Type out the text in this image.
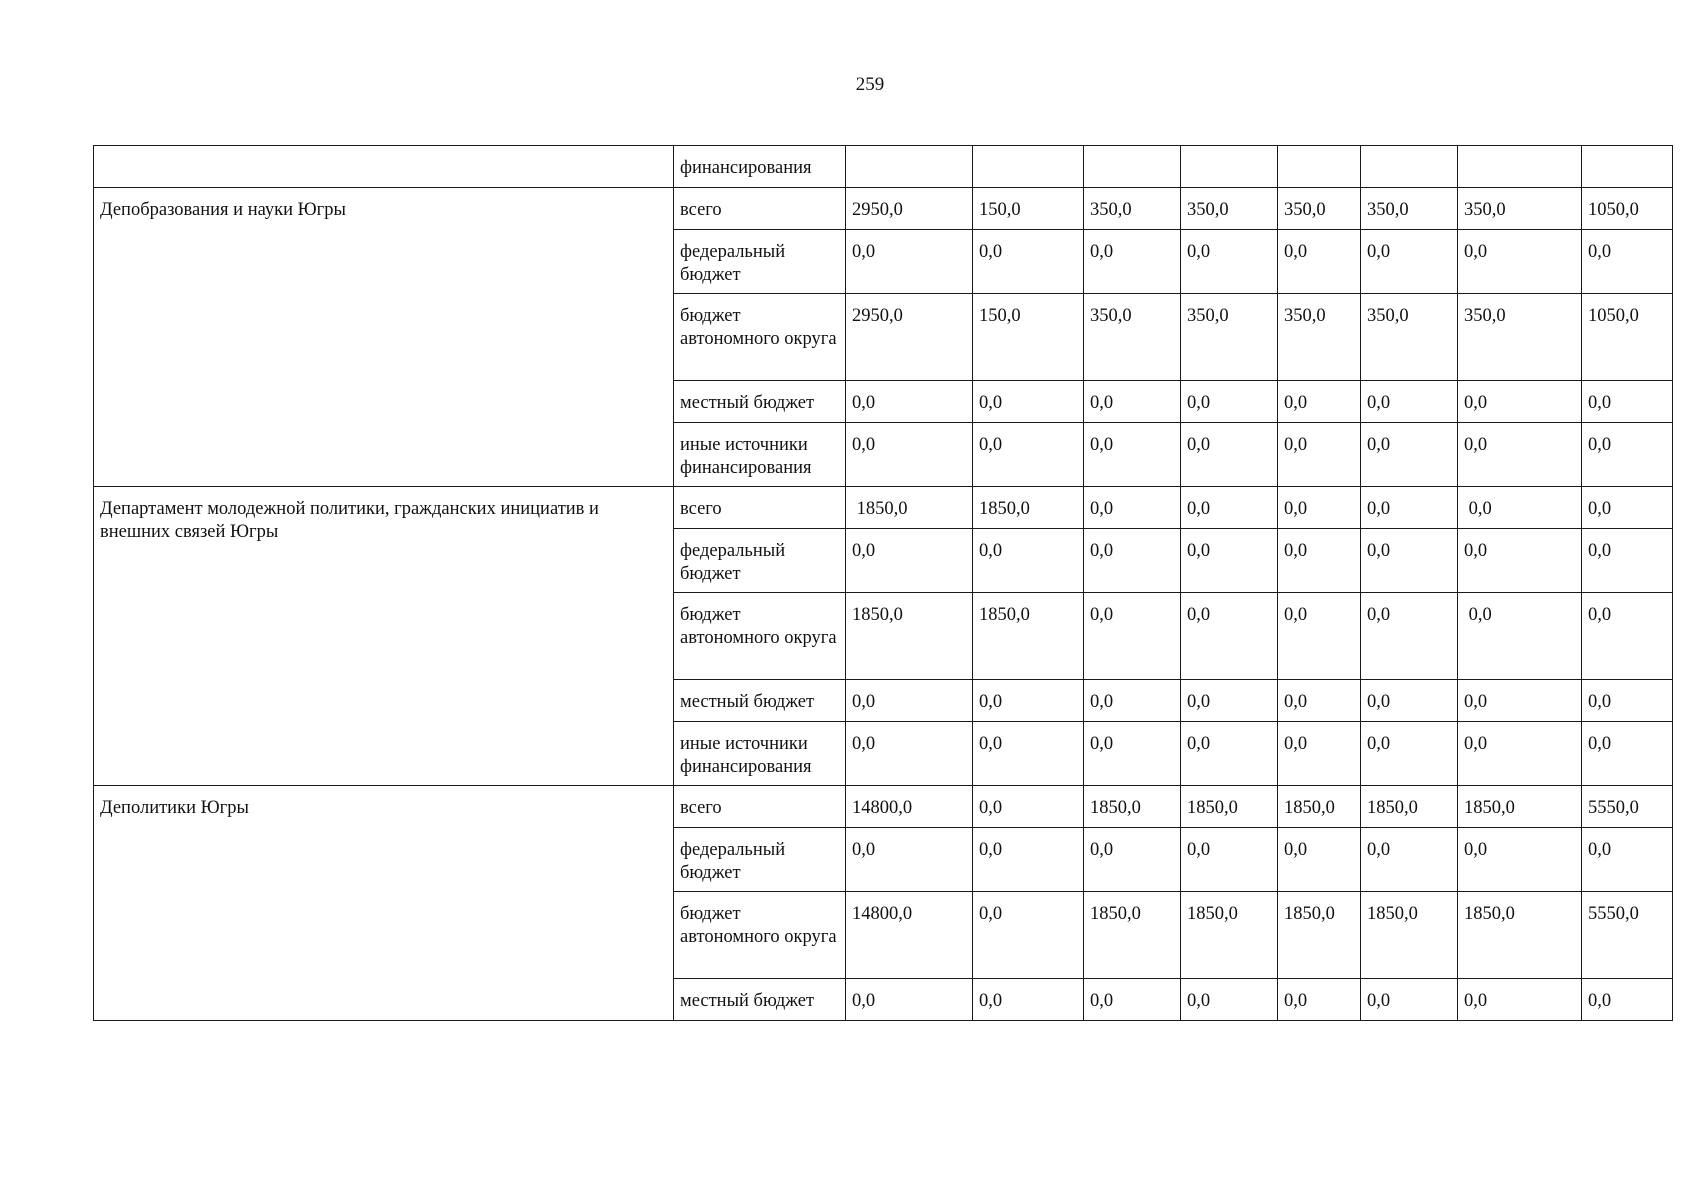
259
	финансирования								
Депобразования и науки Югры	всего	2950,0	150,0	350,0	350,0	350,0	350,0	350,0	1050,0
	федеральный бюджет	0,0	0,0	0,0	0,0	0,0	0,0	0,0	0,0
	бюджет автономного округа	2950,0	150,0	350,0	350,0	350,0	350,0	350,0	1050,0
	местный бюджет	0,0	0,0	0,0	0,0	0,0	0,0	0,0	0,0
	иные источники финансирования	0,0	0,0	0,0	0,0	0,0	0,0	0,0	0,0
Департамент молодежной политики, гражданских инициатив и внешних связей Югры	всего	1850,0	1850,0	0,0	0,0	0,0	0,0	0,0	0,0
	федеральный бюджет	0,0	0,0	0,0	0,0	0,0	0,0	0,0	0,0
	бюджет автономного округа	1850,0	1850,0	0,0	0,0	0,0	0,0	0,0	0,0
	местный бюджет	0,0	0,0	0,0	0,0	0,0	0,0	0,0	0,0
	иные источники финансирования	0,0	0,0	0,0	0,0	0,0	0,0	0,0	0,0
Деполитики Югры	всего	14800,0	0,0	1850,0	1850,0	1850,0	1850,0	1850,0	5550,0
	федеральный бюджет	0,0	0,0	0,0	0,0	0,0	0,0	0,0	0,0
	бюджет автономного округа	14800,0	0,0	1850,0	1850,0	1850,0	1850,0	1850,0	5550,0
	местный бюджет	0,0	0,0	0,0	0,0	0,0	0,0	0,0	0,0
